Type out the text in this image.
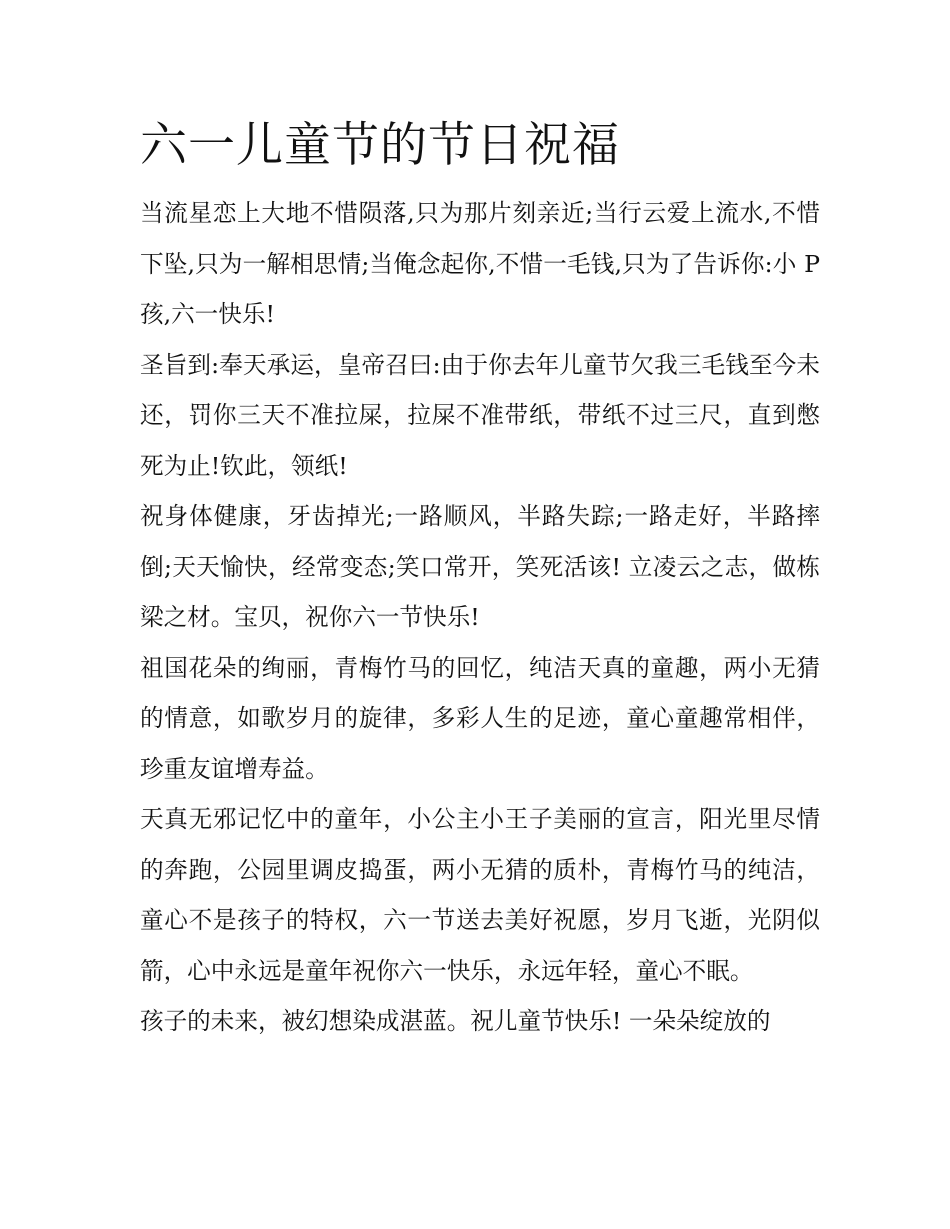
六一儿童节的节日祝福

当流星恋上大地不惜陨落,只为那片刻亲近;当行云爱上流水,不惜下坠,只为一解相思情;当俺念起你,不惜一毛钱,只为了告诉你:小 P 孩,六一快乐!

圣旨到:奉天承运，皇帝召曰:由于你去年儿童节欠我三毛钱至今未还，罚你三天不准拉屎，拉屎不准带纸，带纸不过三尺，直到憋死为止!钦此，领纸!

祝身体健康，牙齿掉光;一路顺风，半路失踪;一路走好，半路摔倒;天天愉快，经常变态;笑口常开，笑死活该! 立凌云之志，做栋梁之材。宝贝，祝你六一节快乐!

祖国花朵的绚丽，青梅竹马的回忆，纯洁天真的童趣，两小无猜的情意，如歌岁月的旋律，多彩人生的足迹，童心童趣常相伴，珍重友谊增寿益。

天真无邪记忆中的童年，小公主小王子美丽的宣言，阳光里尽情的奔跑，公园里调皮捣蛋，两小无猜的质朴，青梅竹马的纯洁，童心不是孩子的特权，六一节送去美好祝愿，岁月飞逝，光阴似箭，心中永远是童年祝你六一快乐，永远年轻，童心不眠。

孩子的未来，被幻想染成湛蓝。祝儿童节快乐! 一朵朵绽放的
